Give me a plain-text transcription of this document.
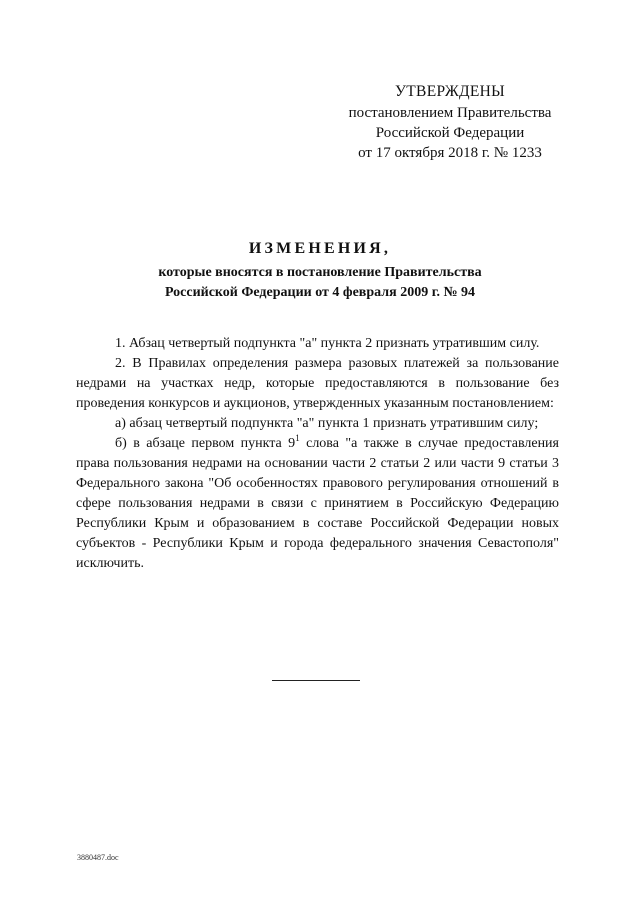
УТВЕРЖДЕНЫ
постановлением Правительства
Российской Федерации
от 17 октября 2018 г. № 1233
ИЗМЕНЕНИЯ,
которые вносятся в постановление Правительства
Российской Федерации от 4 февраля 2009 г. № 94

1. Абзац четвертый подпункта "а" пункта 2 признать утратившим силу.

2. В Правилах определения размера разовых платежей за пользование недрами на участках недр, которые предоставляются в пользование без проведения конкурсов и аукционов, утвержденных указанным постановлением:

а) абзац четвертый подпункта "а" пункта 1 признать утратившим силу;

б) в абзаце первом пункта $9^1$ слова "а также в случае предоставления права пользования недрами на основании части 2 статьи 2 или части 9 статьи 3 Федерального закона "Об особенностях правового регулирования отношений в сфере пользования недрами в связи с принятием в Российскую Федерацию Республики Крым и образованием в составе Российской Федерации новых субъектов - Республики Крым и города федерального значения Севастополя" исключить.

3880487.doc
